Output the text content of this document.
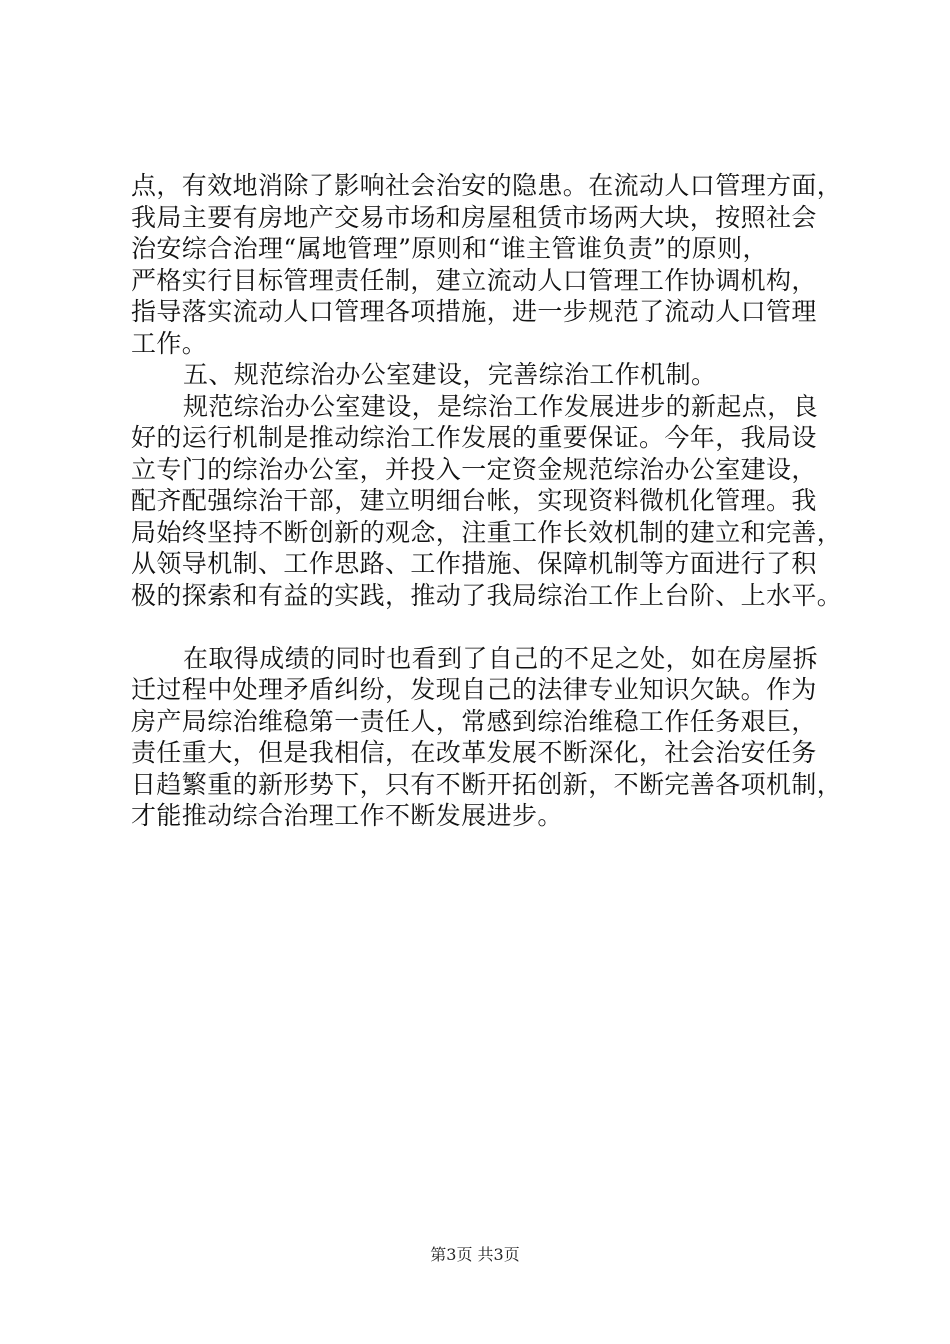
点，有效地消除了影响社会治安的隐患。在流动人口管理方面，
我局主要有房地产交易市场和房屋租赁市场两大块，按照社会
治安综合治理“属地管理”原则和“谁主管谁负责”的原则，
严格实行目标管理责任制，建立流动人口管理工作协调机构，
指导落实流动人口管理各项措施，进一步规范了流动人口管理
工作。
五、规范综治办公室建设，完善综治工作机制。
规范综治办公室建设，是综治工作发展进步的新起点，良
好的运行机制是推动综治工作发展的重要保证。今年，我局设
立专门的综治办公室，并投入一定资金规范综治办公室建设，
配齐配强综治干部，建立明细台帐，实现资料微机化管理。我
局始终坚持不断创新的观念，注重工作长效机制的建立和完善，
从领导机制、工作思路、工作措施、保障机制等方面进行了积
极的探索和有益的实践，推动了我局综治工作上台阶、上水平。
在取得成绩的同时也看到了自己的不足之处，如在房屋拆
迁过程中处理矛盾纠纷，发现自己的法律专业知识欠缺。作为
房产局综治维稳第一责任人，常感到综治维稳工作任务艰巨，
责任重大，但是我相信，在改革发展不断深化，社会治安任务
日趋繁重的新形势下，只有不断开拓创新，不断完善各项机制，
才能推动综合治理工作不断发展进步。
第3页 共3页
